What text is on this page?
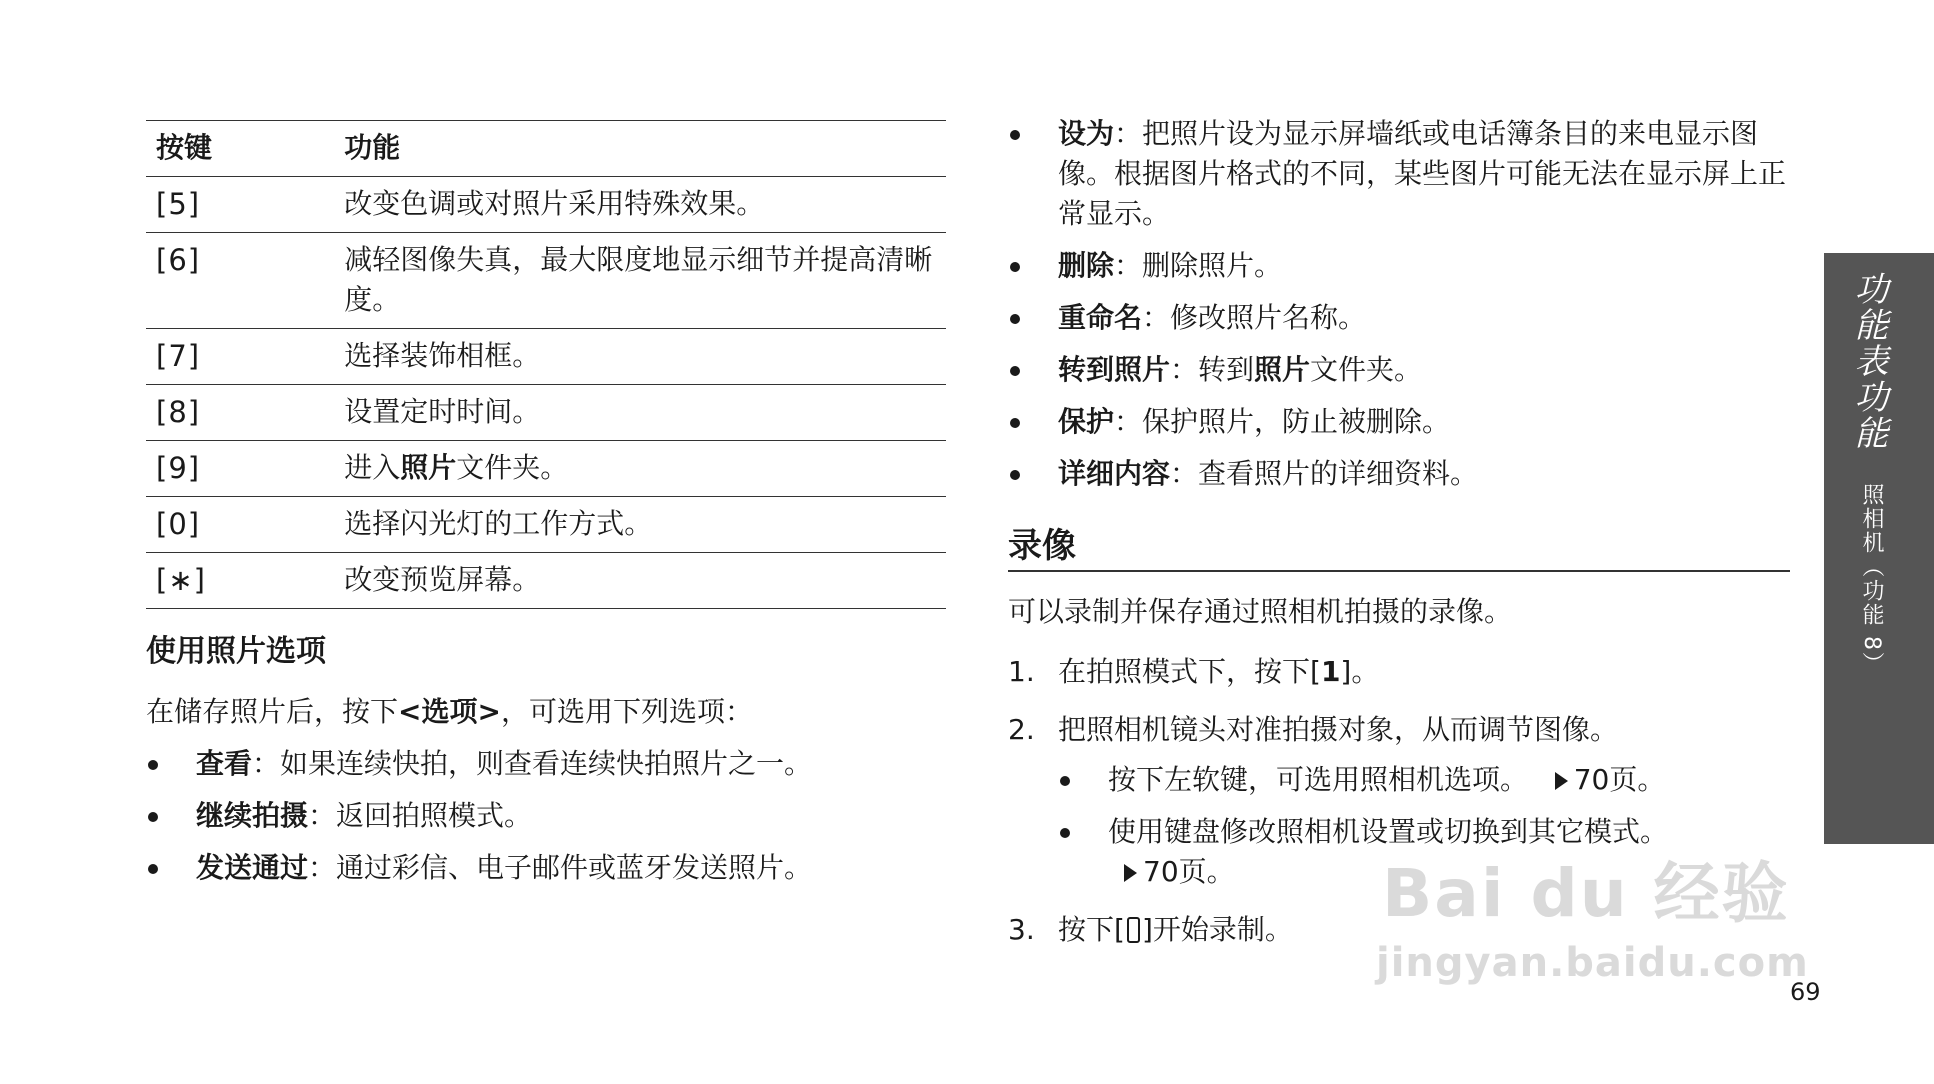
按键	功能
[5]	改变色调或对照片采用特殊效果。
[6]	减轻图像失真，最大限度地显示细节并提高清晰度。
[7]	选择装饰相框。
[8]	设置定时时间。
[9]	进入照片文件夹。
[0]	选择闪光灯的工作方式。
[∗]	改变预览屏幕。
使用照片选项

在储存照片后，按下<选项>，可选用下列选项：

查看：如果连续快拍，则查看连续快拍照片之一。
继续拍摄：返回拍照模式。
发送通过：通过彩信、电子邮件或蓝牙发送照片。
设为：把照片设为显示屏墙纸或电话簿条目的来电显示图像。根据图片格式的不同，某些图片可能无法在显示屏上正常显示。
删除：删除照片。
重命名：修改照片名称。
转到照片：转到照片文件夹。
保护：保护照片，防止被删除。
详细内容：查看照片的详细资料。
录像

可以录制并保存通过照相机拍摄的录像。

1. 在拍照模式下，按下[1]。
2. 把照相机镜头对准拍摄对象，从而调节图像。
按下左软键，可选用照相机选项。 70页。
使用键盘修改照相机设置或切换到其它模式。
70页。
3. 按下[ ]开始录制。
功能表功能
照相机（功能 8）
69
Bai du 经验
jingyan.baidu.com
